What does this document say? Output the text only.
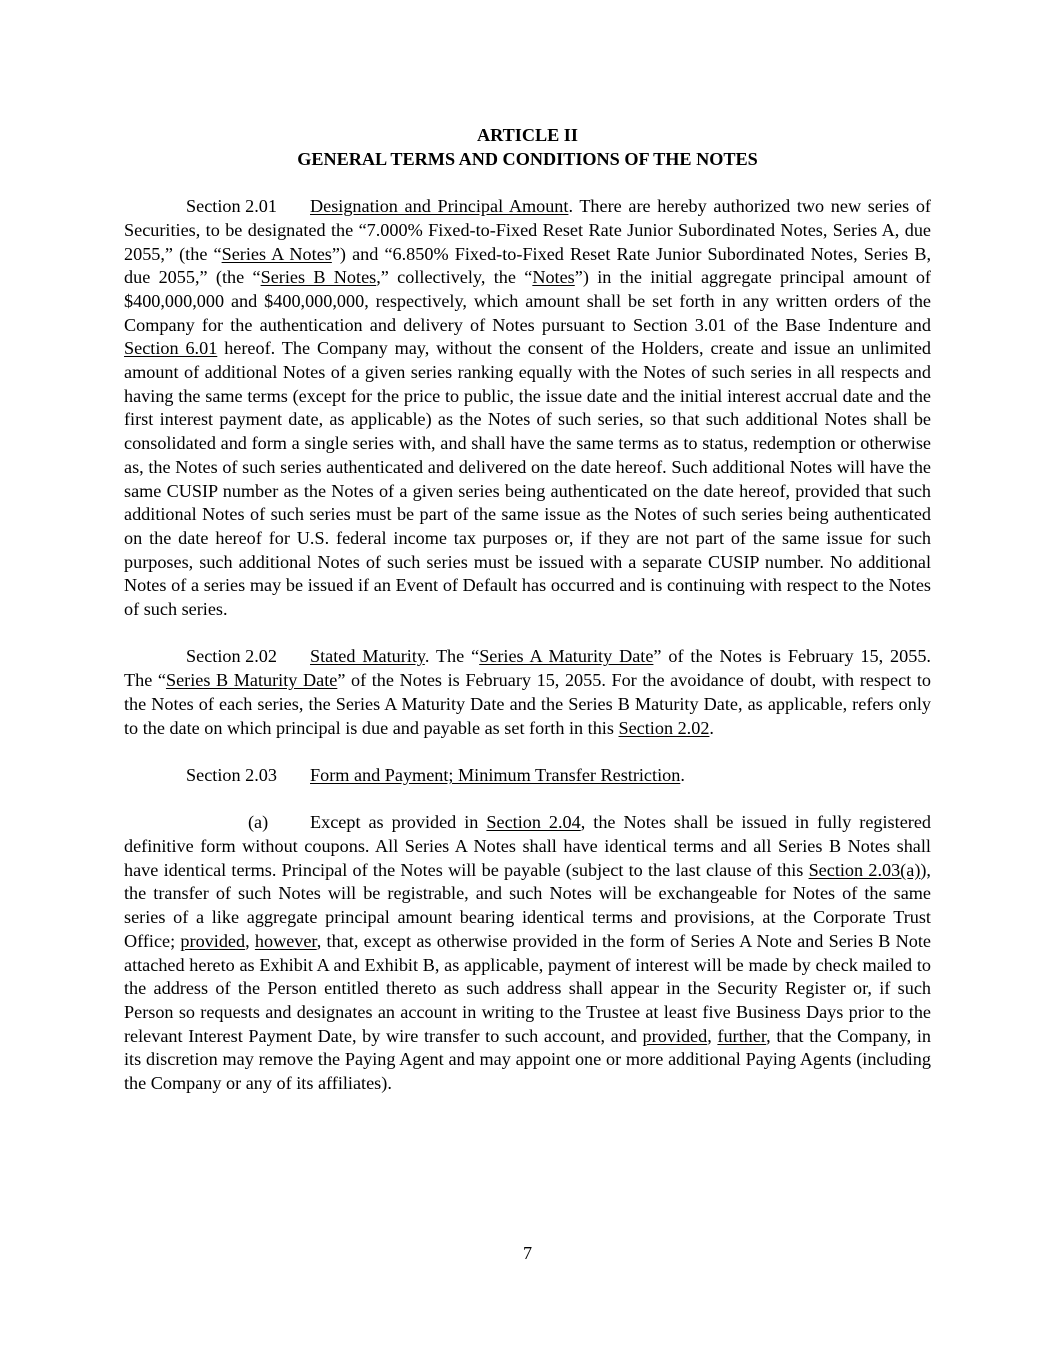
ARTICLE II

GENERAL TERMS AND CONDITIONS OF THE NOTES

Section 2.01 Designation and Principal Amount. There are hereby authorized two new series of Securities, to be designated the “7.000% Fixed-to-Fixed Reset Rate Junior Subordinated Notes, Series A, due 2055,” (the “Series A Notes”) and “6.850% Fixed-to-Fixed Reset Rate Junior Subordinated Notes, Series B, due 2055,” (the “Series B Notes,” collectively, the “Notes”) in the initial aggregate principal amount of $400,000,000 and $400,000,000, respectively, which amount shall be set forth in any written orders of the Company for the authentication and delivery of Notes pursuant to Section 3.01 of the Base Indenture and Section 6.01 hereof. The Company may, without the consent of the Holders, create and issue an unlimited amount of additional Notes of a given series ranking equally with the Notes of such series in all respects and having the same terms (except for the price to public, the issue date and the initial interest accrual date and the first interest payment date, as applicable) as the Notes of such series, so that such additional Notes shall be consolidated and form a single series with, and shall have the same terms as to status, redemption or otherwise as, the Notes of such series authenticated and delivered on the date hereof. Such additional Notes will have the same CUSIP number as the Notes of a given series being authenticated on the date hereof, provided that such additional Notes of such series must be part of the same issue as the Notes of such series being authenticated on the date hereof for U.S. federal income tax purposes or, if they are not part of the same issue for such purposes, such additional Notes of such series must be issued with a separate CUSIP number. No additional Notes of a series may be issued if an Event of Default has occurred and is continuing with respect to the Notes of such series.

Section 2.02 Stated Maturity. The “Series A Maturity Date” of the Notes is February 15, 2055. The “Series B Maturity Date” of the Notes is February 15, 2055. For the avoidance of doubt, with respect to the Notes of each series, the Series A Maturity Date and the Series B Maturity Date, as applicable, refers only to the date on which principal is due and payable as set forth in this Section 2.02.

Section 2.03 Form and Payment; Minimum Transfer Restriction.

(a) Except as provided in Section 2.04, the Notes shall be issued in fully registered definitive form without coupons. All Series A Notes shall have identical terms and all Series B Notes shall have identical terms. Principal of the Notes will be payable (subject to the last clause of this Section 2.03(a)), the transfer of such Notes will be registrable, and such Notes will be exchangeable for Notes of the same series of a like aggregate principal amount bearing identical terms and provisions, at the Corporate Trust Office; provided, however, that, except as otherwise provided in the form of Series A Note and Series B Note attached hereto as Exhibit A and Exhibit B, as applicable, payment of interest will be made by check mailed to the address of the Person entitled thereto as such address shall appear in the Security Register or, if such Person so requests and designates an account in writing to the Trustee at least five Business Days prior to the relevant Interest Payment Date, by wire transfer to such account, and provided, further, that the Company, in its discretion may remove the Paying Agent and may appoint one or more additional Paying Agents (including the Company or any of its affiliates).

7
